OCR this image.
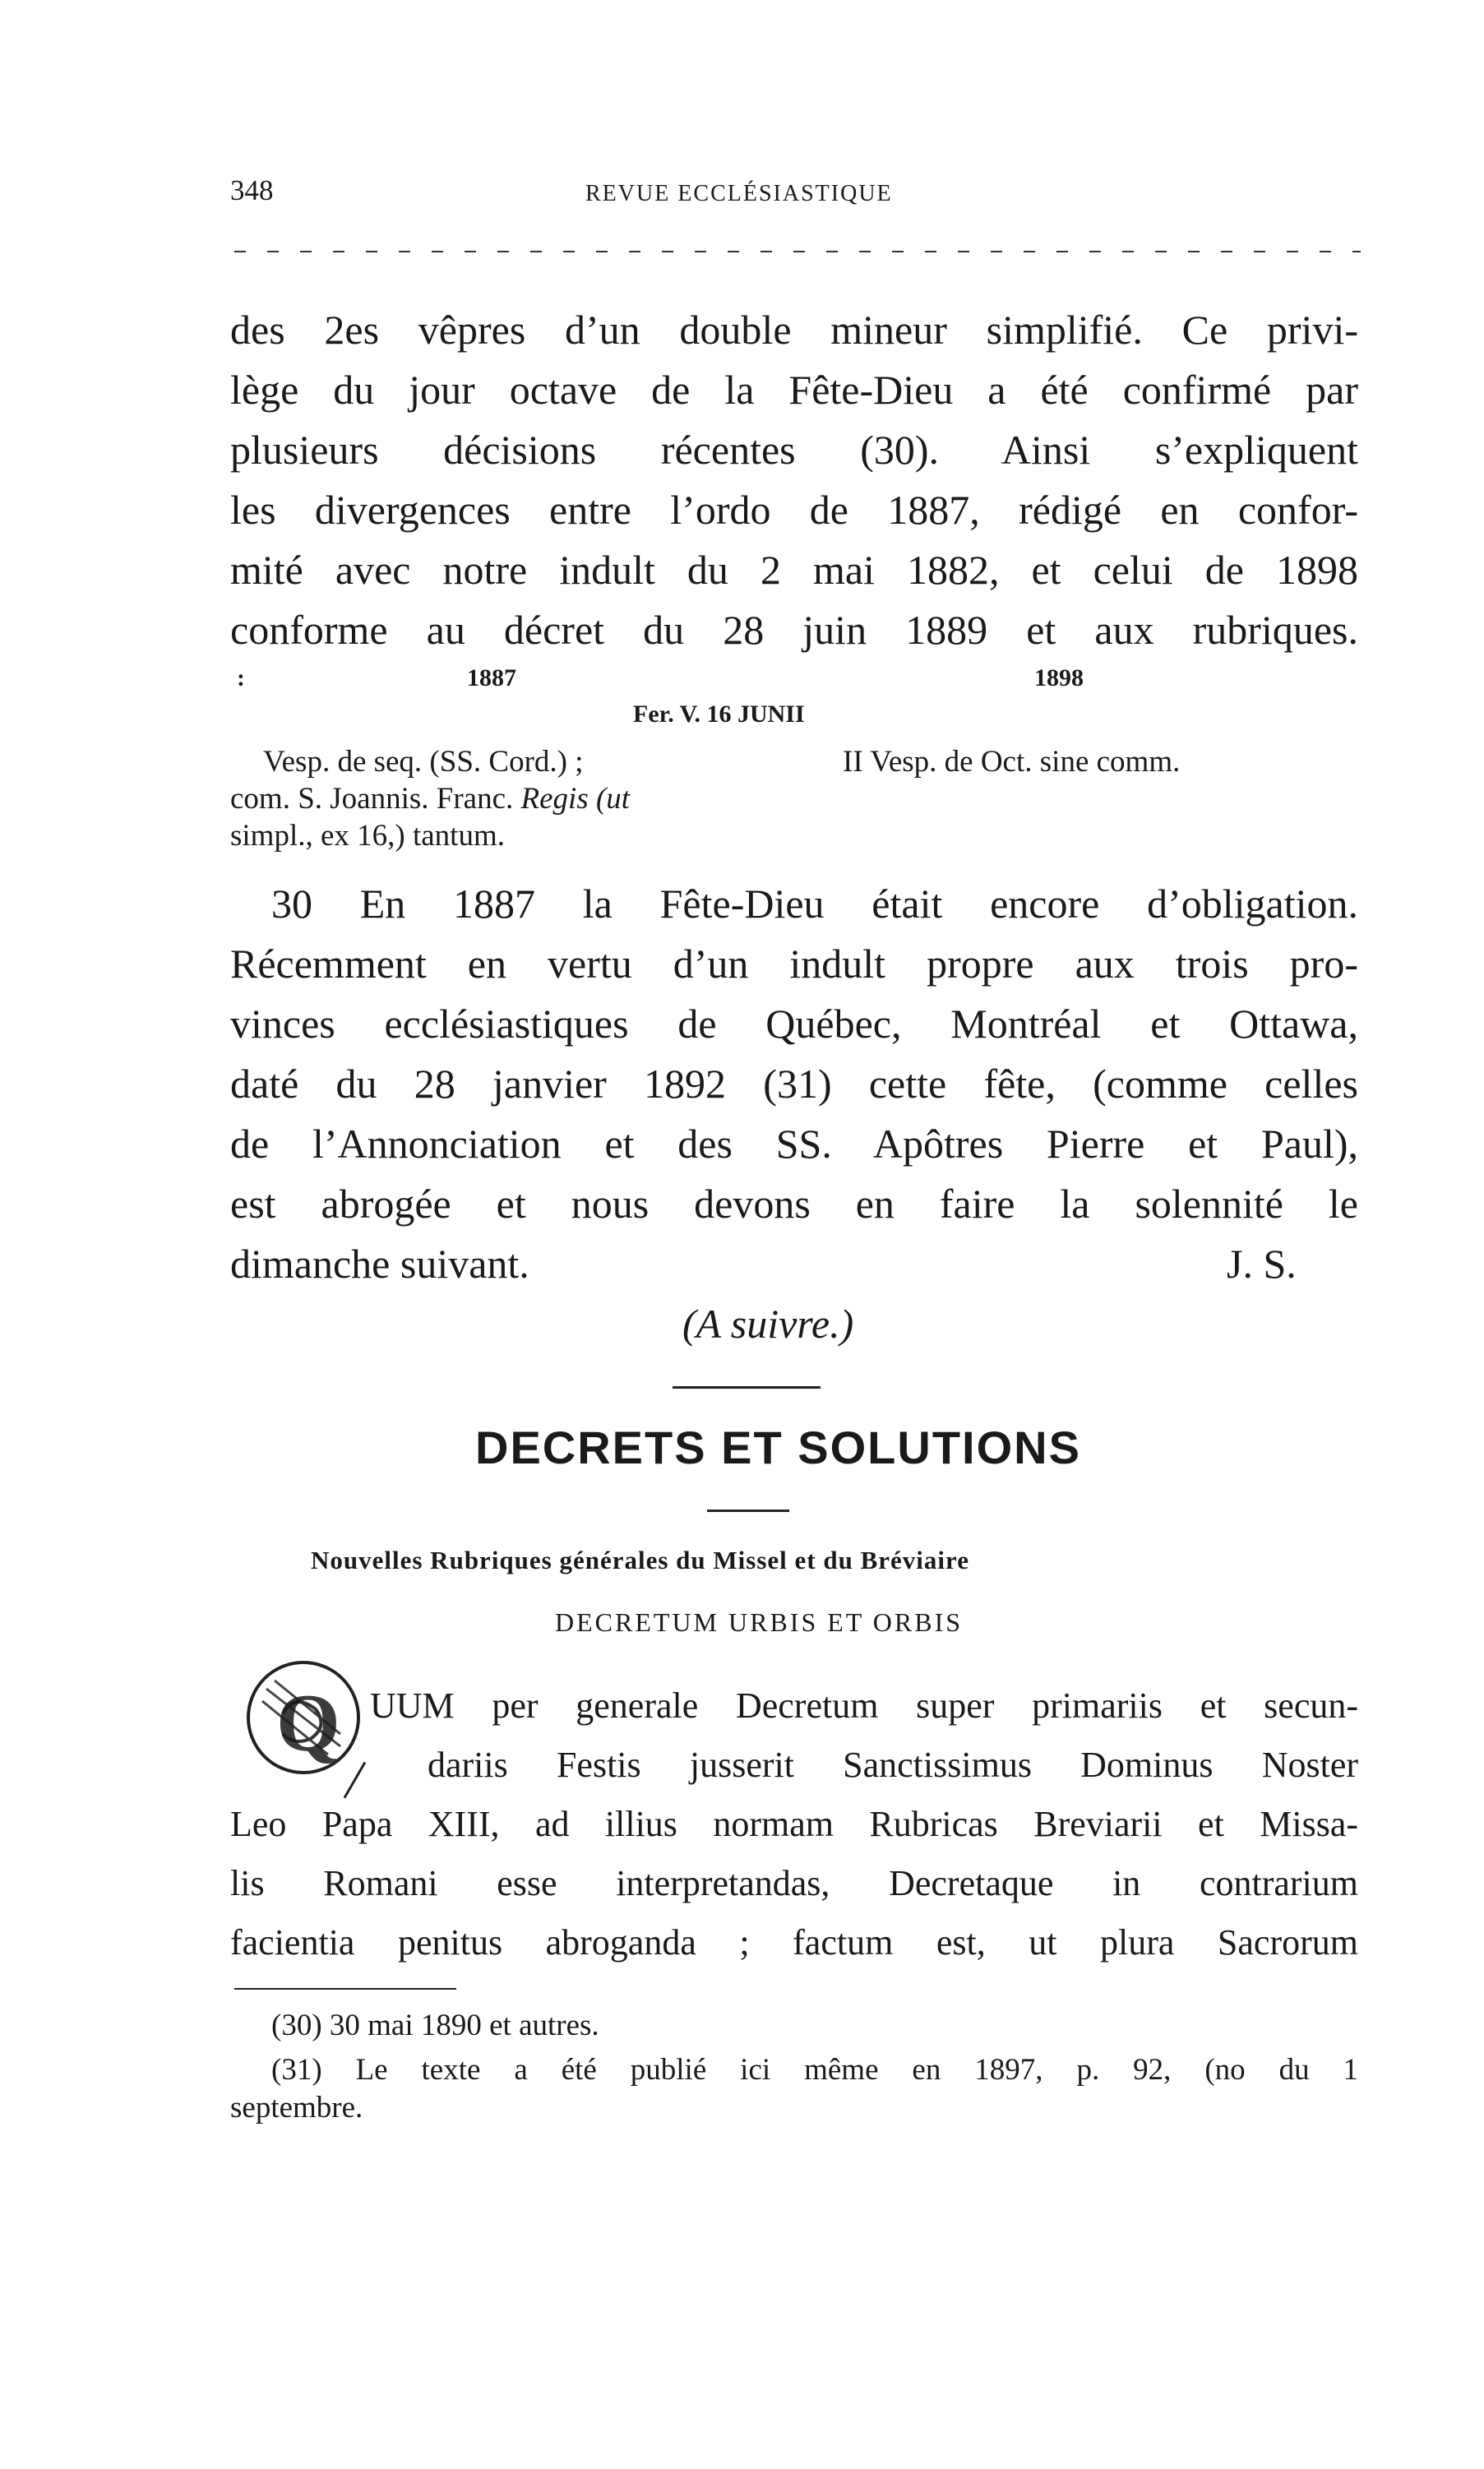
348	REVUE ECCLÉSIASTIQUE
des 2es vêpres d’un double mineur simplifié. Ce privi-
lège du jour octave de la Fête-Dieu a été confirmé par
plusieurs décisions récentes (30). Ainsi s’expliquent
les divergences entre l’ordo de 1887, rédigé en confor-
mité avec notre indult du 2 mai 1882, et celui de 1898
conforme au décret du 28 juin 1889 et aux rubriques.
:	1887	1898
Fer. V. 16 JUNII
Vesp. de seq. (SS. Cord.) ;	II Vesp. de Oct. sine comm.
com. S. Joannis. Franc. Regis (ut
simpl., ex 16,) tantum.
30 En 1887 la Fête-Dieu était encore d’obligation.
Récemment en vertu d’un indult propre aux trois pro-
vinces ecclésiastiques de Québec, Montréal et Ottawa,
daté du 28 janvier 1892 (31) cette fête, (comme celles
de l’Annonciation et des SS. Apôtres Pierre et Paul),
est abrogée et nous devons en faire la solennité le
dimanche suivant.	J. S.
(A suivre.)
DECRETS ET SOLUTIONS
Nouvelles Rubriques générales du Missel et du Bréviaire
DECRETUM URBIS ET ORBIS
Q UUM per generale Decretum super primariis et secun-
dariis Festis jusserit Sanctissimus Dominus Noster
Leo Papa XIII, ad illius normam Rubricas Breviarii et Missa-
lis Romani esse interpretandas, Decretaque in contrarium
facientia penitus abroganda ; factum est, ut plura Sacrorum
(30) 30 mai 1890 et autres.
(31) Le texte a été publié ici même en 1897, p. 92, (no du 1
septembre.
